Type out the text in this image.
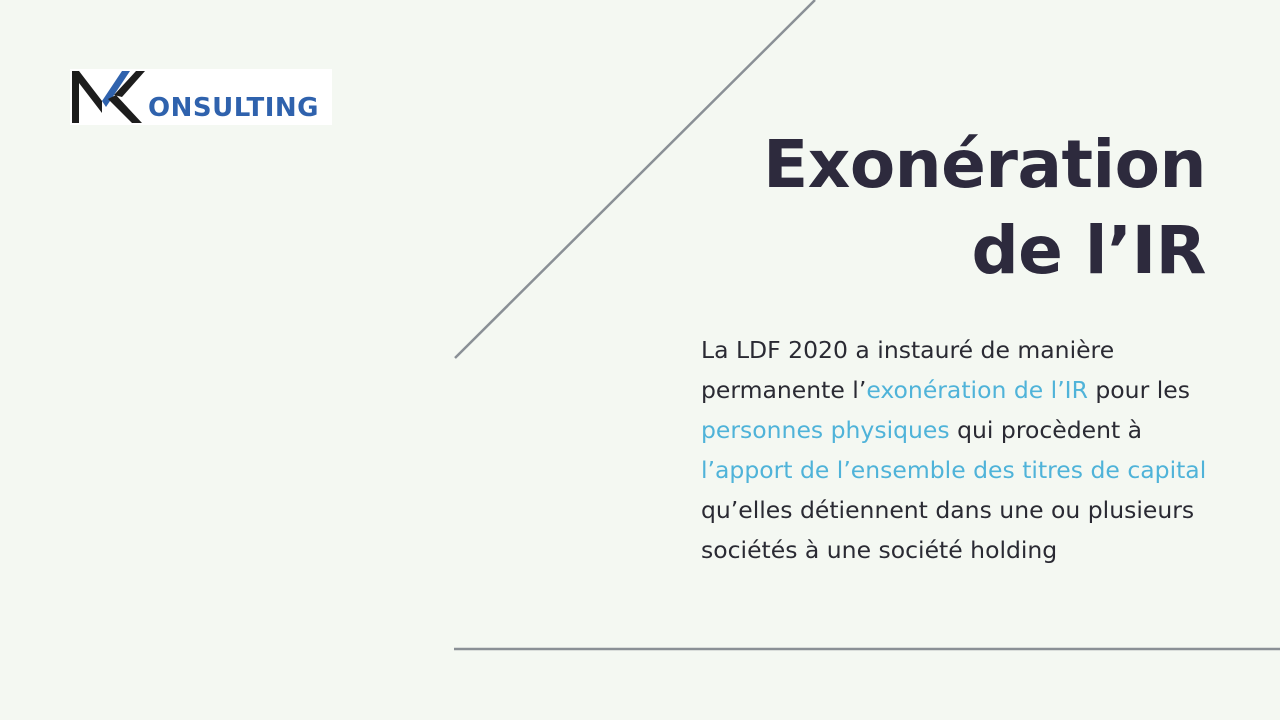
ONSULTING
Exonération
de l’IR

La LDF 2020 a instauré de manière permanente l’exonération de l’IR pour les personnes physiques qui procèdent à l’apport de l’ensemble des titres de capital qu’elles détiennent dans une ou plusieurs sociétés à une société holding
